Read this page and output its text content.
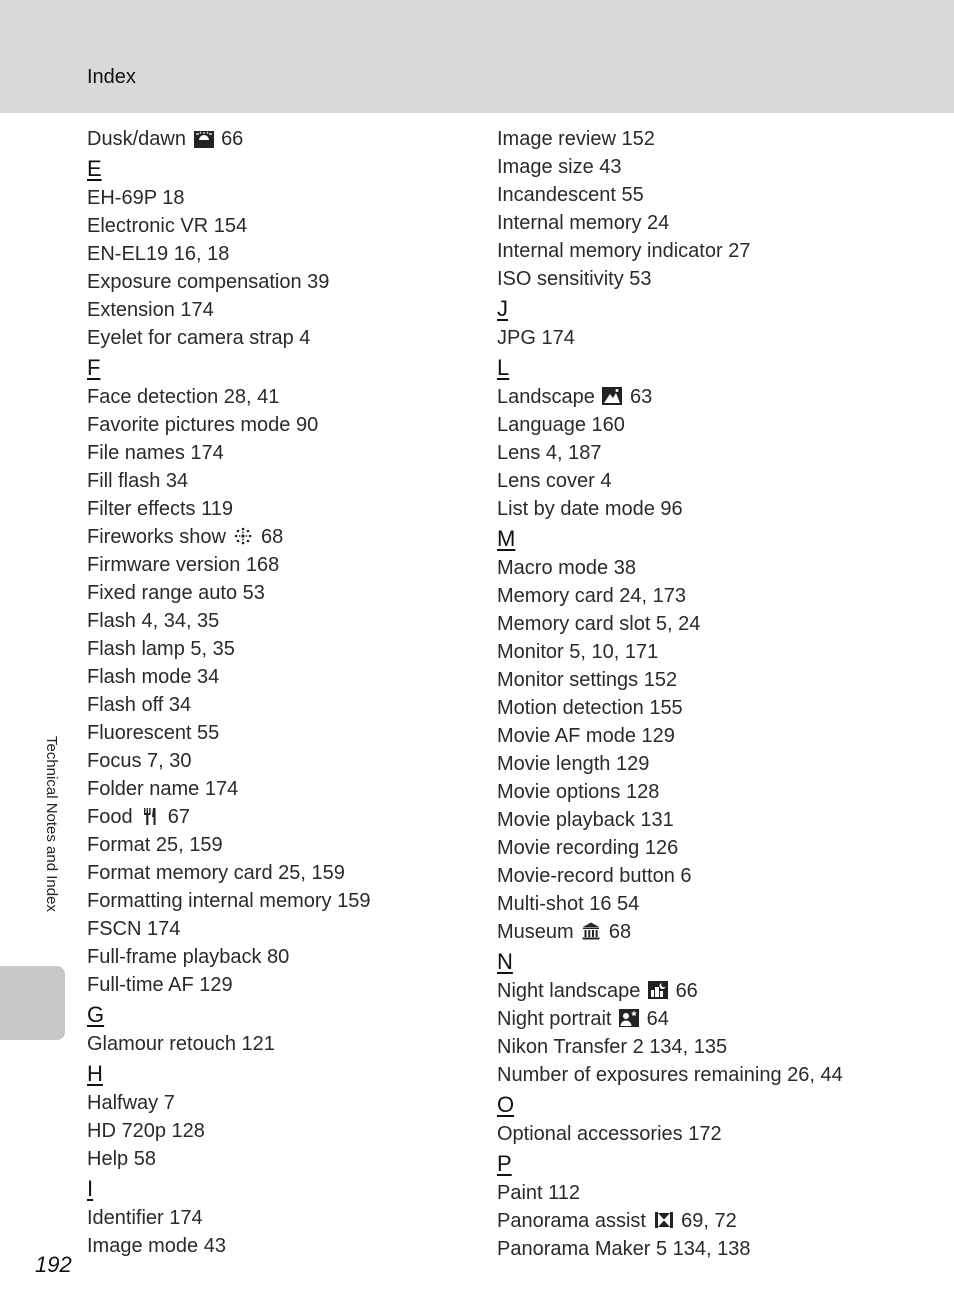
Index
Dusk/dawn 66
E
EH-69P 18
Electronic VR 154
EN-EL19 16, 18
Exposure compensation 39
Extension 174
Eyelet for camera strap 4
F
Face detection 28, 41
Favorite pictures mode 90
File names 174
Fill flash 34
Filter effects 119
Fireworks show 68
Firmware version 168
Fixed range auto 53
Flash 4, 34, 35
Flash lamp 5, 35
Flash mode 34
Flash off 34
Fluorescent 55
Focus 7, 30
Folder name 174
Food 67
Format 25, 159
Format memory card 25, 159
Formatting internal memory 159
FSCN 174
Full-frame playback 80
Full-time AF 129
G
Glamour retouch 121
H
Halfway 7
HD 720p 128
Help 58
I
Identifier 174
Image mode 43
Image review 152
Image size 43
Incandescent 55
Internal memory 24
Internal memory indicator 27
ISO sensitivity 53
J
JPG 174
L
Landscape 63
Language 160
Lens 4, 187
Lens cover 4
List by date mode 96
M
Macro mode 38
Memory card 24, 173
Memory card slot 5, 24
Monitor 5, 10, 171
Monitor settings 152
Motion detection 155
Movie AF mode 129
Movie length 129
Movie options 128
Movie playback 131
Movie recording 126
Movie-record button 6
Multi-shot 16 54
Museum 68
N
Night landscape 66
Night portrait 64
Nikon Transfer 2 134, 135
Number of exposures remaining 26, 44
O
Optional accessories 172
P
Paint 112
Panorama assist 69, 72
Panorama Maker 5 134, 138
Technical Notes and Index
192
